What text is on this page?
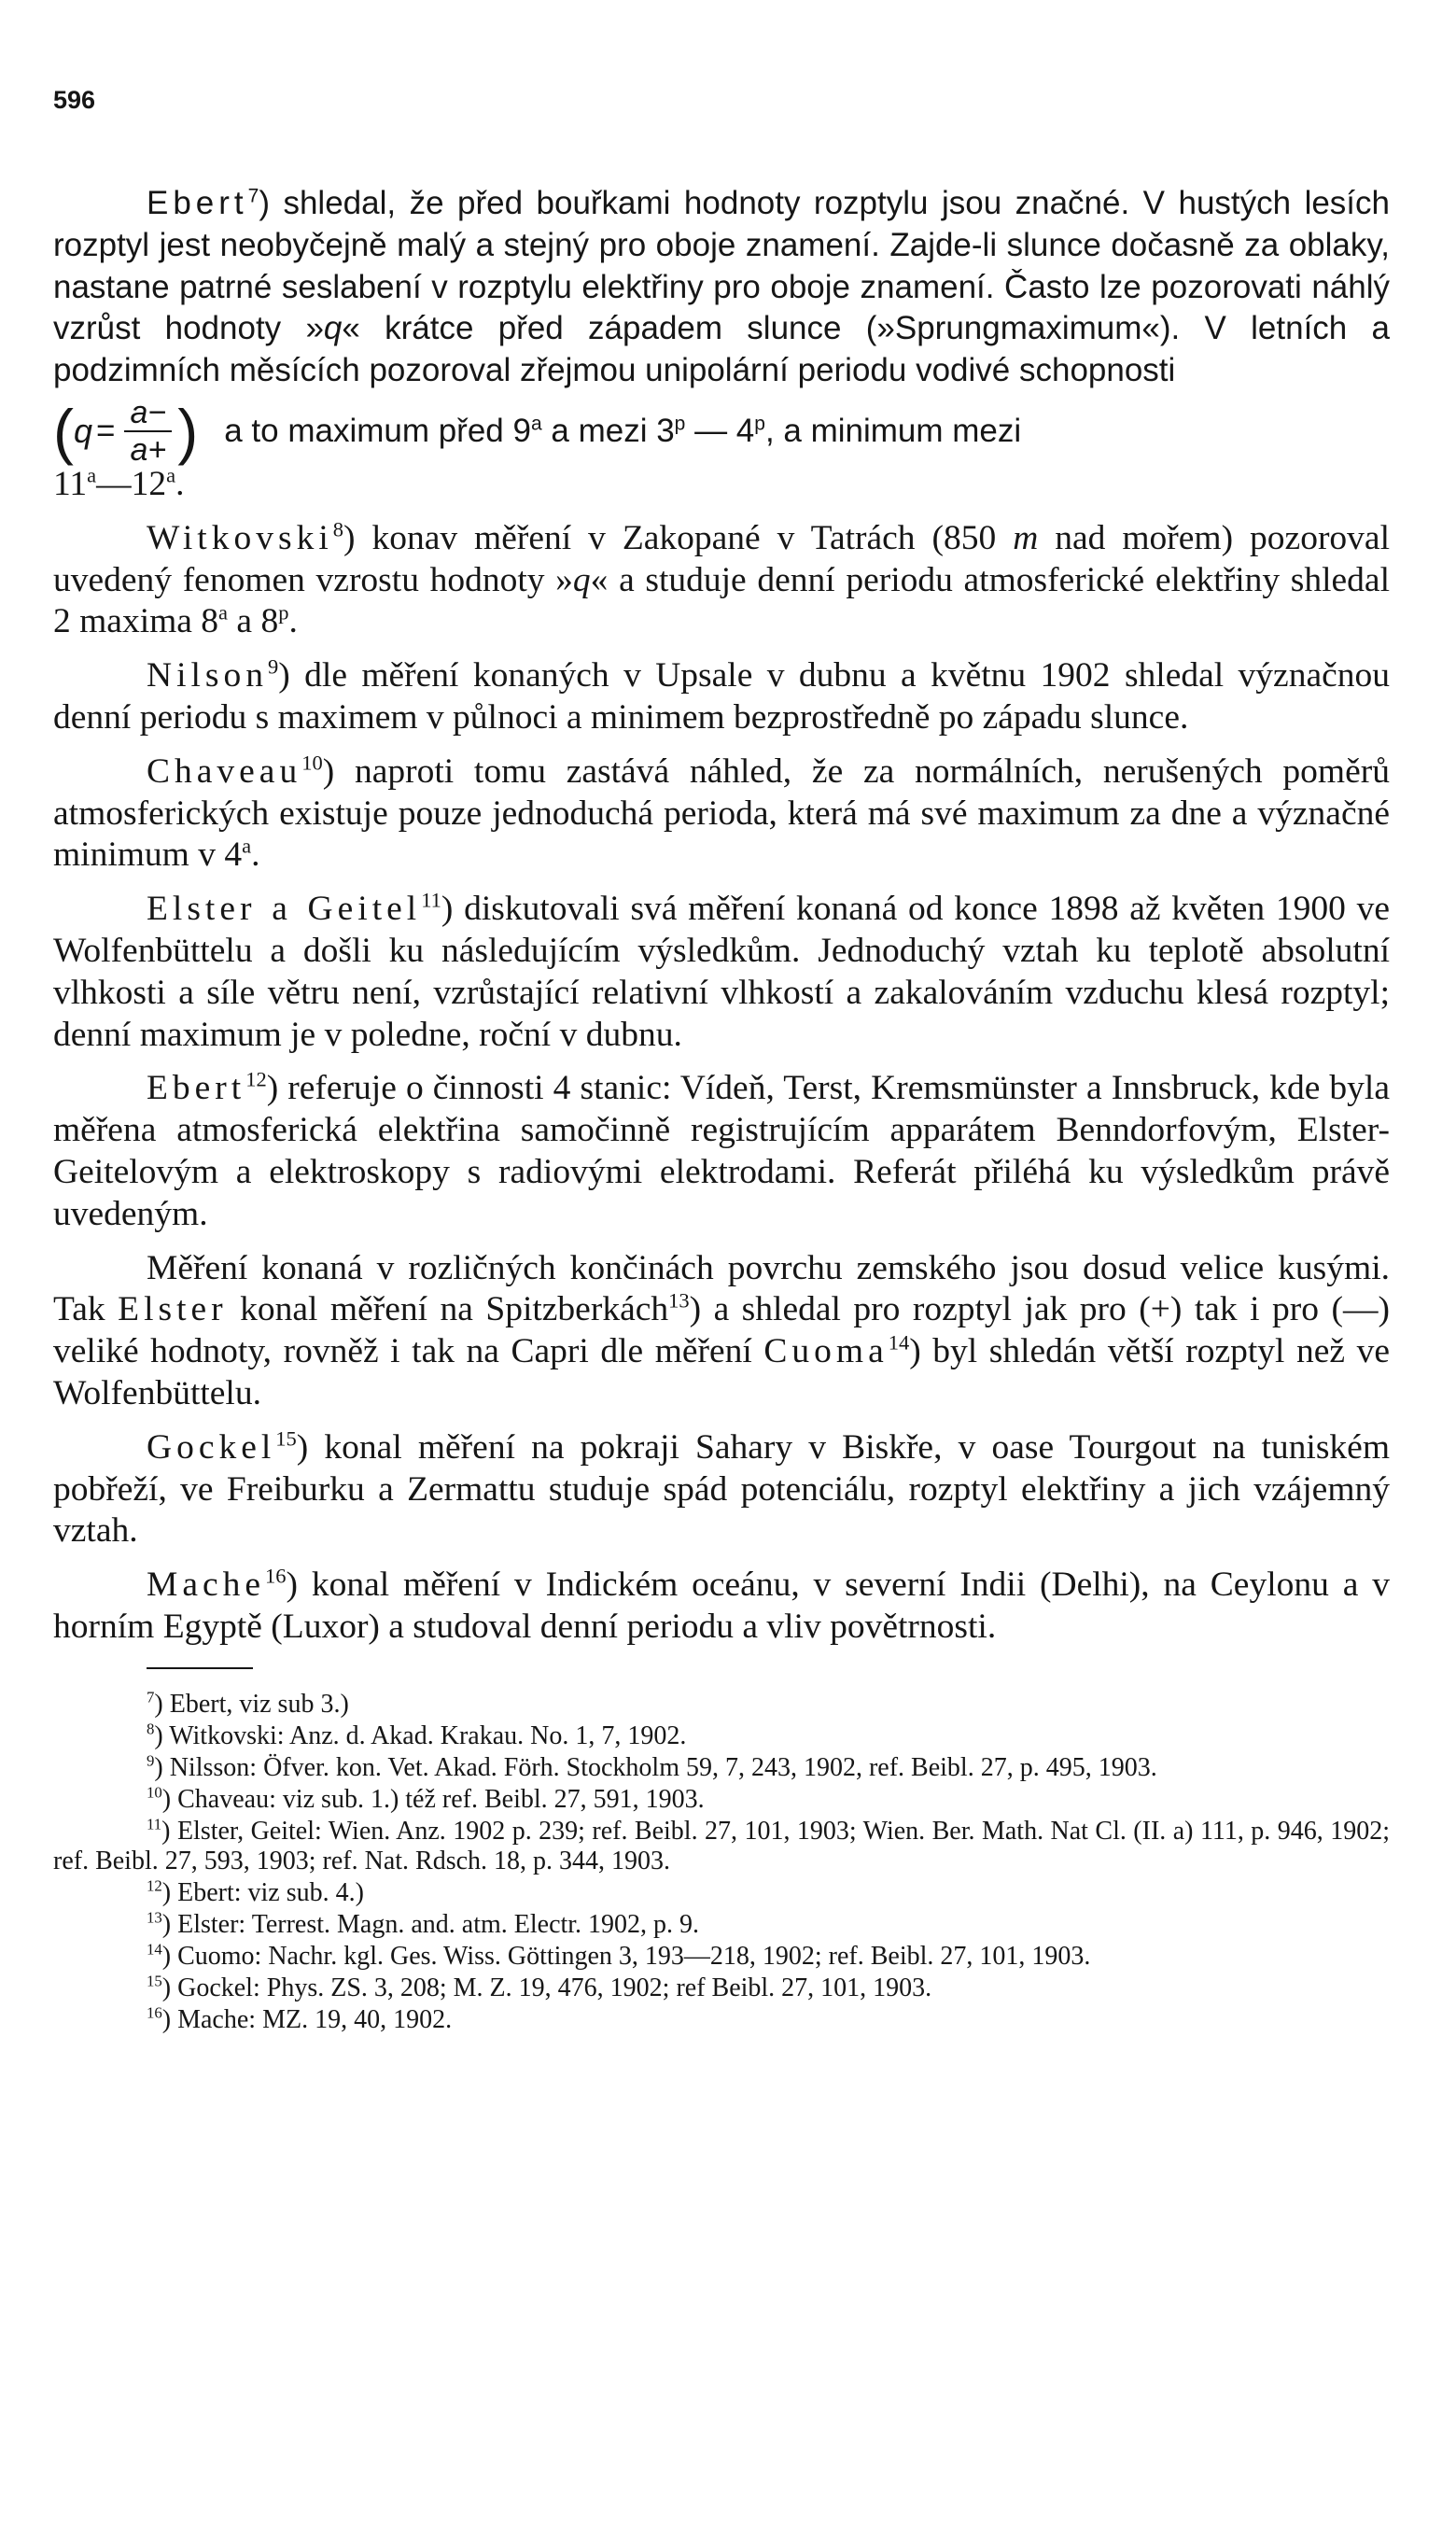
596

Ebert$^7$) shledal, že před bouřkami hodnoty rozptylu jsou značné. V hustých lesích rozptyl jest neobyčejně malý a stejný pro oboje znamení. Zajde-li slunce dočasně za oblaky, nastane patrné seslabení v rozptylu elektřiny pro oboje znamení. Často lze pozorovati náhlý vzrůst hodnoty »q« krátce před západem slunce (»Sprungmaximum«). V letních a podzimních měsících pozoroval zřejmou unipolární periodu vodivé schopnosti

( $q = \frac{a-}{a+}$ ) a to maximum před 9$^a$ a mezi 3$^p$ — 4$^p$, a minimum mezi

11$^a$—12$^a$.

Witkovski$^8$) konav měření v Zakopané v Tatrách (850 m nad mořem) pozoroval uvedený fenomen vzrostu hodnoty »q« a studuje denní periodu atmosferické elektřiny shledal 2 maxima 8$^a$ a 8$^p$.

Nilson$^9$) dle měření konaných v Upsale v dubnu a květnu 1902 shledal význačnou denní periodu s maximem v půlnoci a minimem bezprostředně po západu slunce.

Chaveau$^{10}$) naproti tomu zastává náhled, že za normálních, nerušených poměrů atmosferických existuje pouze jednoduchá perioda, která má své maximum za dne a význačné minimum v 4$^a$.

Elster a Geitel$^{11}$) diskutovali svá měření konaná od konce 1898 až květen 1900 ve Wolfenbüttelu a došli ku následujícím výsledkům. Jednoduchý vztah ku teplotě absolutní vlhkosti a síle větru není, vzrůstající relativní vlhkostí a zakalováním vzduchu klesá rozptyl; denní maximum je v poledne, roční v dubnu.

Ebert$^{12}$) referuje o činnosti 4 stanic: Vídeň, Terst, Kremsmünster a Innsbruck, kde byla měřena atmosferická elektřina samočinně registrujícím apparátem Benndorfovým, Elster-Geitelovým a elektroskopy s radiovými elektrodami. Referát přiléhá ku výsledkům právě uvedeným.

Měření konaná v rozličných končinách povrchu zemského jsou dosud velice kusými. Tak Elster konal měření na Spitzberkách$^{13}$) a shledal pro rozptyl jak pro (+) tak i pro (—) veliké hodnoty, rovněž i tak na Capri dle měření Cuoma$^{14}$) byl shledán větší rozptyl než ve Wolfenbüttelu.

Gockel$^{15}$) konal měření na pokraji Sahary v Biskře, v oase Tourgout na tuniském pobřeží, ve Freiburku a Zermattu studuje spád potenciálu, rozptyl elektřiny a jich vzájemný vztah.

Mache$^{16}$) konal měření v Indickém oceánu, v severní Indii (Delhi), na Ceylonu a v horním Egyptě (Luxor) a studoval denní periodu a vliv povětrnosti.

$^7$) Ebert, viz sub 3.)

$^8$) Witkovski: Anz. d. Akad. Krakau. No. 1, 7, 1902.

$^9$) Nilsson: Öfver. kon. Vet. Akad. Förh. Stockholm 59, 7, 243, 1902, ref. Beibl. 27, p. 495, 1903.

$^{10}$) Chaveau: viz sub. 1.) též ref. Beibl. 27, 591, 1903.

$^{11}$) Elster, Geitel: Wien. Anz. 1902 p. 239; ref. Beibl. 27, 101, 1903; Wien. Ber. Math. Nat Cl. (II. a) 111, p. 946, 1902; ref. Beibl. 27, 593, 1903; ref. Nat. Rdsch. 18, p. 344, 1903.

$^{12}$) Ebert: viz sub. 4.)

$^{13}$) Elster: Terrest. Magn. and. atm. Electr. 1902, p. 9.

$^{14}$) Cuomo: Nachr. kgl. Ges. Wiss. Göttingen 3, 193—218, 1902; ref. Beibl. 27, 101, 1903.

$^{15}$) Gockel: Phys. ZS. 3, 208; M. Z. 19, 476, 1902; ref Beibl. 27, 101, 1903.

$^{16}$) Mache: MZ. 19, 40, 1902.
